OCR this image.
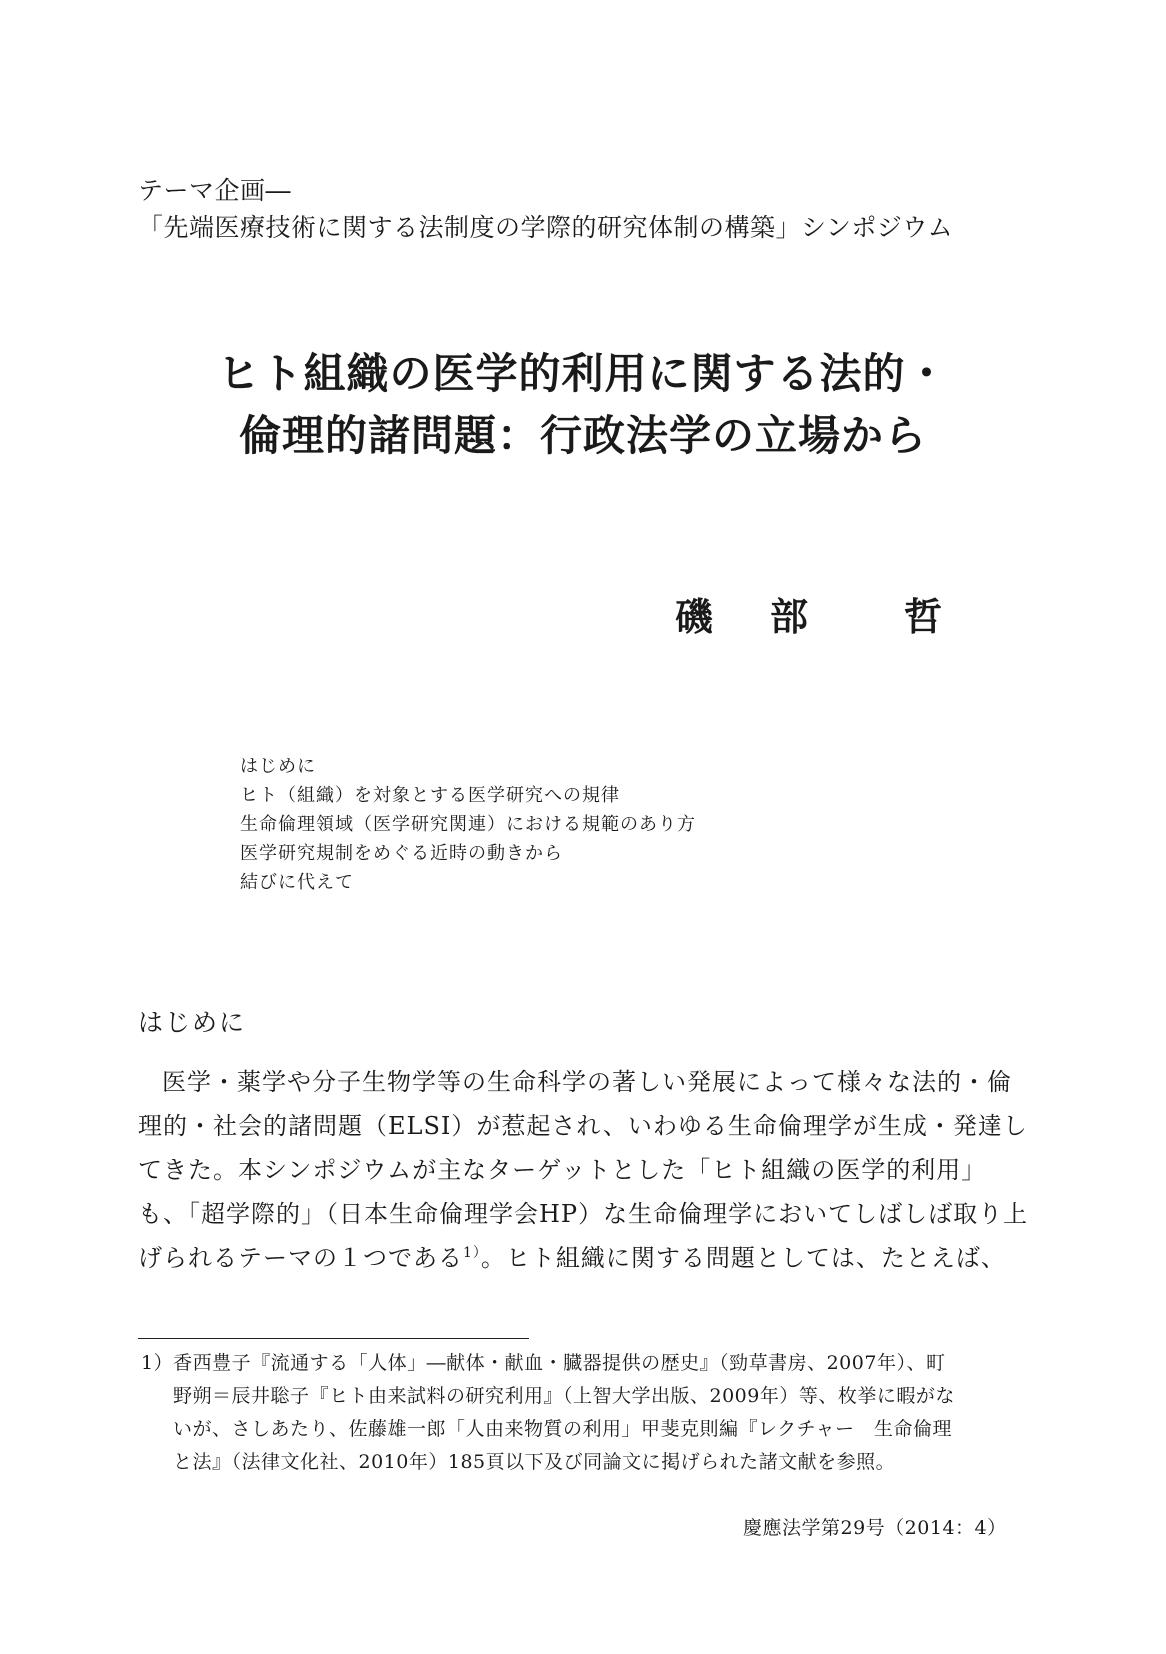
テーマ企画―
「先端医療技術に関する法制度の学際的研究体制の構築」シンポジウム
ヒト組織の医学的利用に関する法的・
倫理的諸問題：行政法学の立場から
磯 部	哲
はじめに
ヒト（組織）を対象とする医学研究への規律
生命倫理領域（医学研究関連）における規範のあり方
医学研究規制をめぐる近時の動きから
結びに代えて
はじめに
医学・薬学や分子生物学等の生命科学の著しい発展によって様々な法的・倫
理的・社会的諸問題（ELSI）が惹起され、いわゆる生命倫理学が生成・発達し
てきた。本シンポジウムが主なターゲットとした「ヒト組織の医学的利用」
も、「超学際的」（日本生命倫理学会HP）な生命倫理学においてしばしば取り上
げられるテーマの１つである$^{1)}$。ヒト組織に関する問題としては、たとえば、
1）香西豊子『流通する「人体」―献体・献血・臓器提供の歴史』（勁草書房、2007年）、町
野朔＝辰井聡子『ヒト由来試料の研究利用』（上智大学出版、2009年）等、枚挙に暇がな
いが、さしあたり、佐藤雄一郎「人由来物質の利用」甲斐克則編『レクチャー　生命倫理
と法』（法律文化社、2010年）185頁以下及び同論文に掲げられた諸文献を参照。
慶應法学第29号（2014：4）
